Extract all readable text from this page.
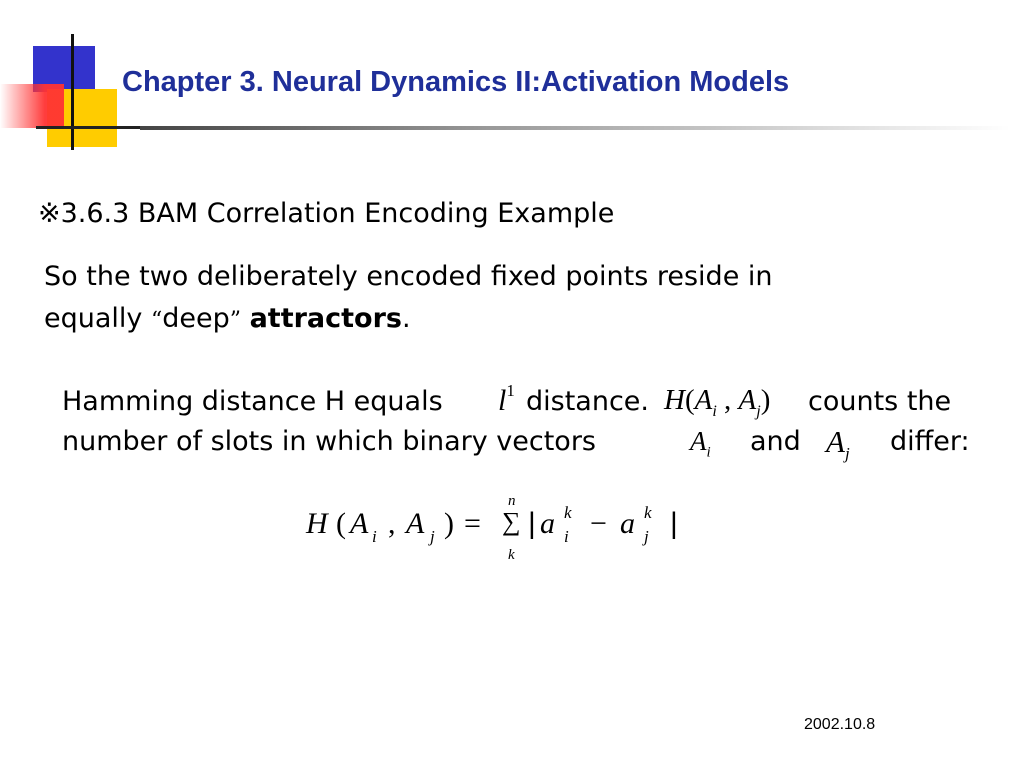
Chapter 3. Neural Dynamics II:Activation Models
※3.6.3 BAM Correlation Encoding Example
So the two deliberately encoded fixed points reside in
equally “deep” attractors.
Hamming distance H equals $l^1$ distance. $H(A_i$ , $A_j$) counts the
number of slots in which binary vectors	$A_i$ and $A_j$ differ:
H ( A i , A j ) =
n
∑
k
| a k
i − a k
j |
2002.10.8
